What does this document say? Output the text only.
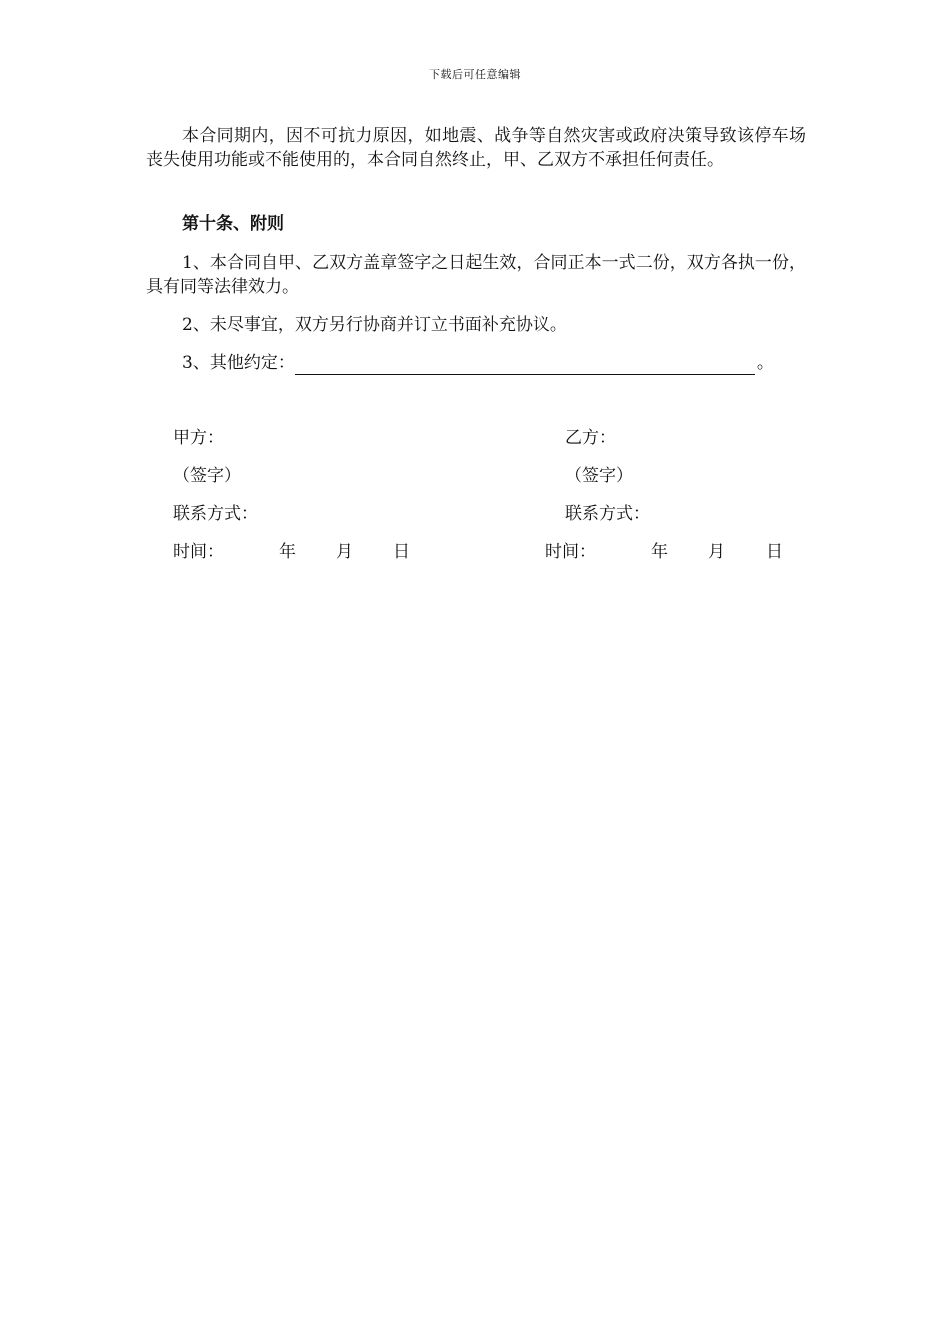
下载后可任意编辑

本合同期内，因不可抗力原因，如地震、战争等自然灾害或政府决策导致该停车场丧失使用功能或不能使用的，本合同自然终止，甲、乙双方不承担任何责任。

第十条、附则

1、本合同自甲、乙双方盖章签字之日起生效，合同正本一式二份，双方各执一份，具有同等法律效力。

2、未尽事宜，双方另行协商并订立书面补充协议。

3、其他约定：	。

甲方：
（签字）
联系方式：
时间：	年 月 日
乙方：
（签字）
联系方式：
时间：	年 月 日
